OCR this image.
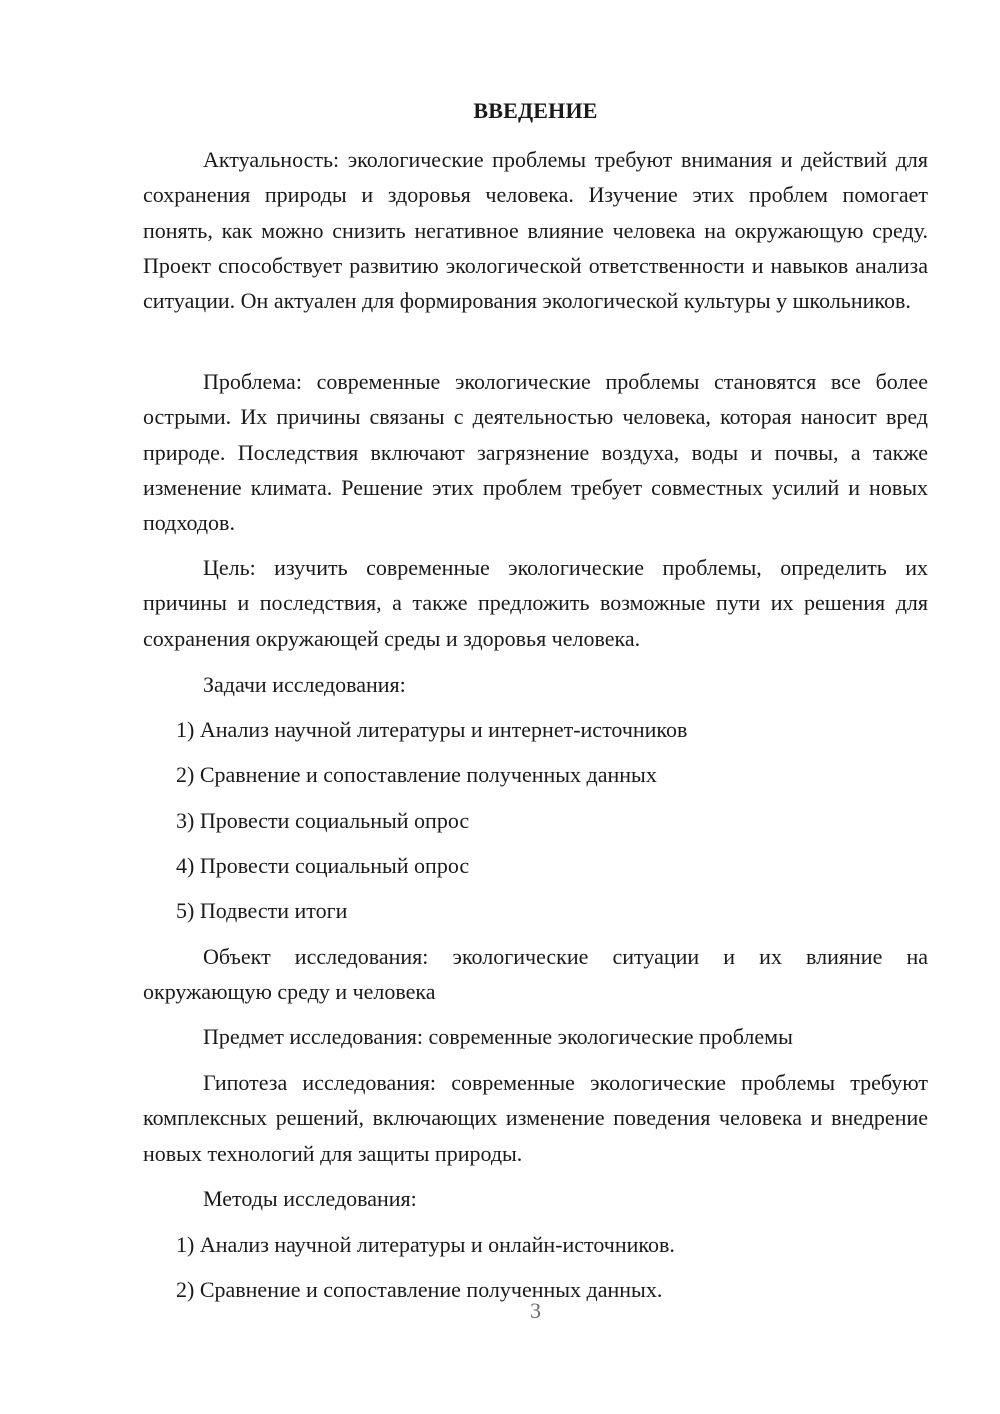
ВВЕДЕНИЕ

Актуальность: экологические проблемы требуют внимания и действий для сохранения природы и здоровья человека. Изучение этих проблем помогает понять, как можно снизить негативное влияние человека на окружающую среду. Проект способствует развитию экологической ответственности и навыков анализа ситуации. Он актуален для формирования экологической культуры у школьников.

Проблема: современные экологические проблемы становятся все более острыми. Их причины связаны с деятельностью человека, которая наносит вред природе. Последствия включают загрязнение воздуха, воды и почвы, а также изменение климата. Решение этих проблем требует совместных усилий и новых подходов.

Цель: изучить современные экологические проблемы, определить их причины и последствия, а также предложить возможные пути их решения для сохранения окружающей среды и здоровья человека.

Задачи исследования:

1) Анализ научной литературы и интернет-источников

2) Сравнение и сопоставление полученных данных

3) Провести социальный опрос

4) Провести социальный опрос

5) Подвести итоги

Объект исследования: экологические ситуации и их влияние на окружающую среду и человека

Предмет исследования: современные экологические проблемы

Гипотеза исследования: современные экологические проблемы требуют комплексных решений, включающих изменение поведения человека и внедрение новых технологий для защиты природы.

Методы исследования:

1) Анализ научной литературы и онлайн-источников.

2) Сравнение и сопоставление полученных данных.

3
